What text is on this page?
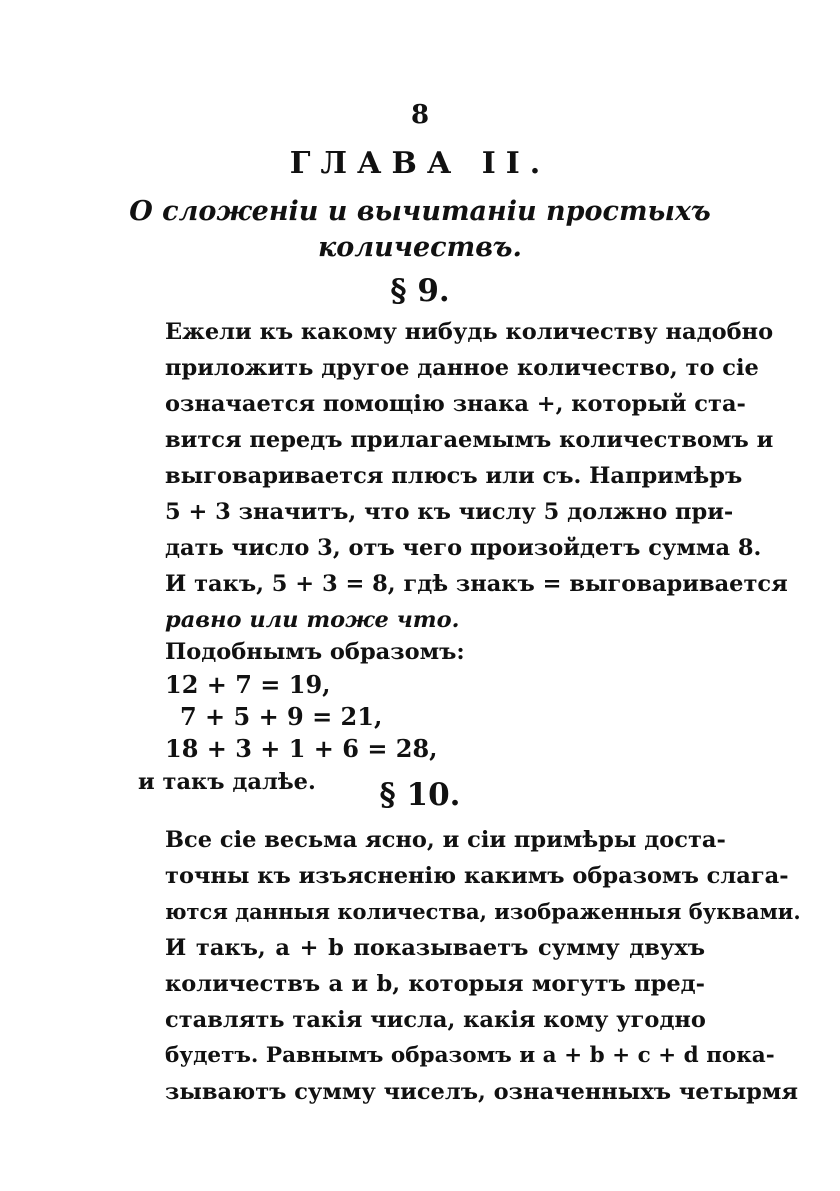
8
ГЛАВА II.
О сложенiи и вычитанiи простыхъ
количествъ.
§ 9.
Ежели къ какому нибудь количеству надобно
приложить другое данное количество, то сiе
означается помощiю знака +, который ста-
вится передъ прилагаемымъ количествомъ и
выговаривается плюсъ или съ. Напримѣръ
5 + 3 значитъ, что къ числу 5 должно при-
дать число 3, отъ чего произойдетъ сумма 8.
И такъ, 5 + 3 = 8, гдѣ знакъ = выговаривается
равно или тоже что.
Подобнымъ образомъ:
12 + 7 = 19,
7 + 5 + 9 = 21,
18 + 3 + 1 + 6 = 28,
и такъ далѣе.	§ 10.
Все сiе весьма ясно, и сiи примѣры доста-
точны къ изъясненiю какимъ образомъ слага-
ются данныя количества, изображенныя буквами.
И такъ, a + b показываетъ сумму двухъ
количествъ a и b, которыя могутъ пред-
ставлять такiя числа, какiя кому угодно
будетъ. Равнымъ образомъ и a + b + c + d пока-
зываютъ сумму чиселъ, означенныхъ четырмя
